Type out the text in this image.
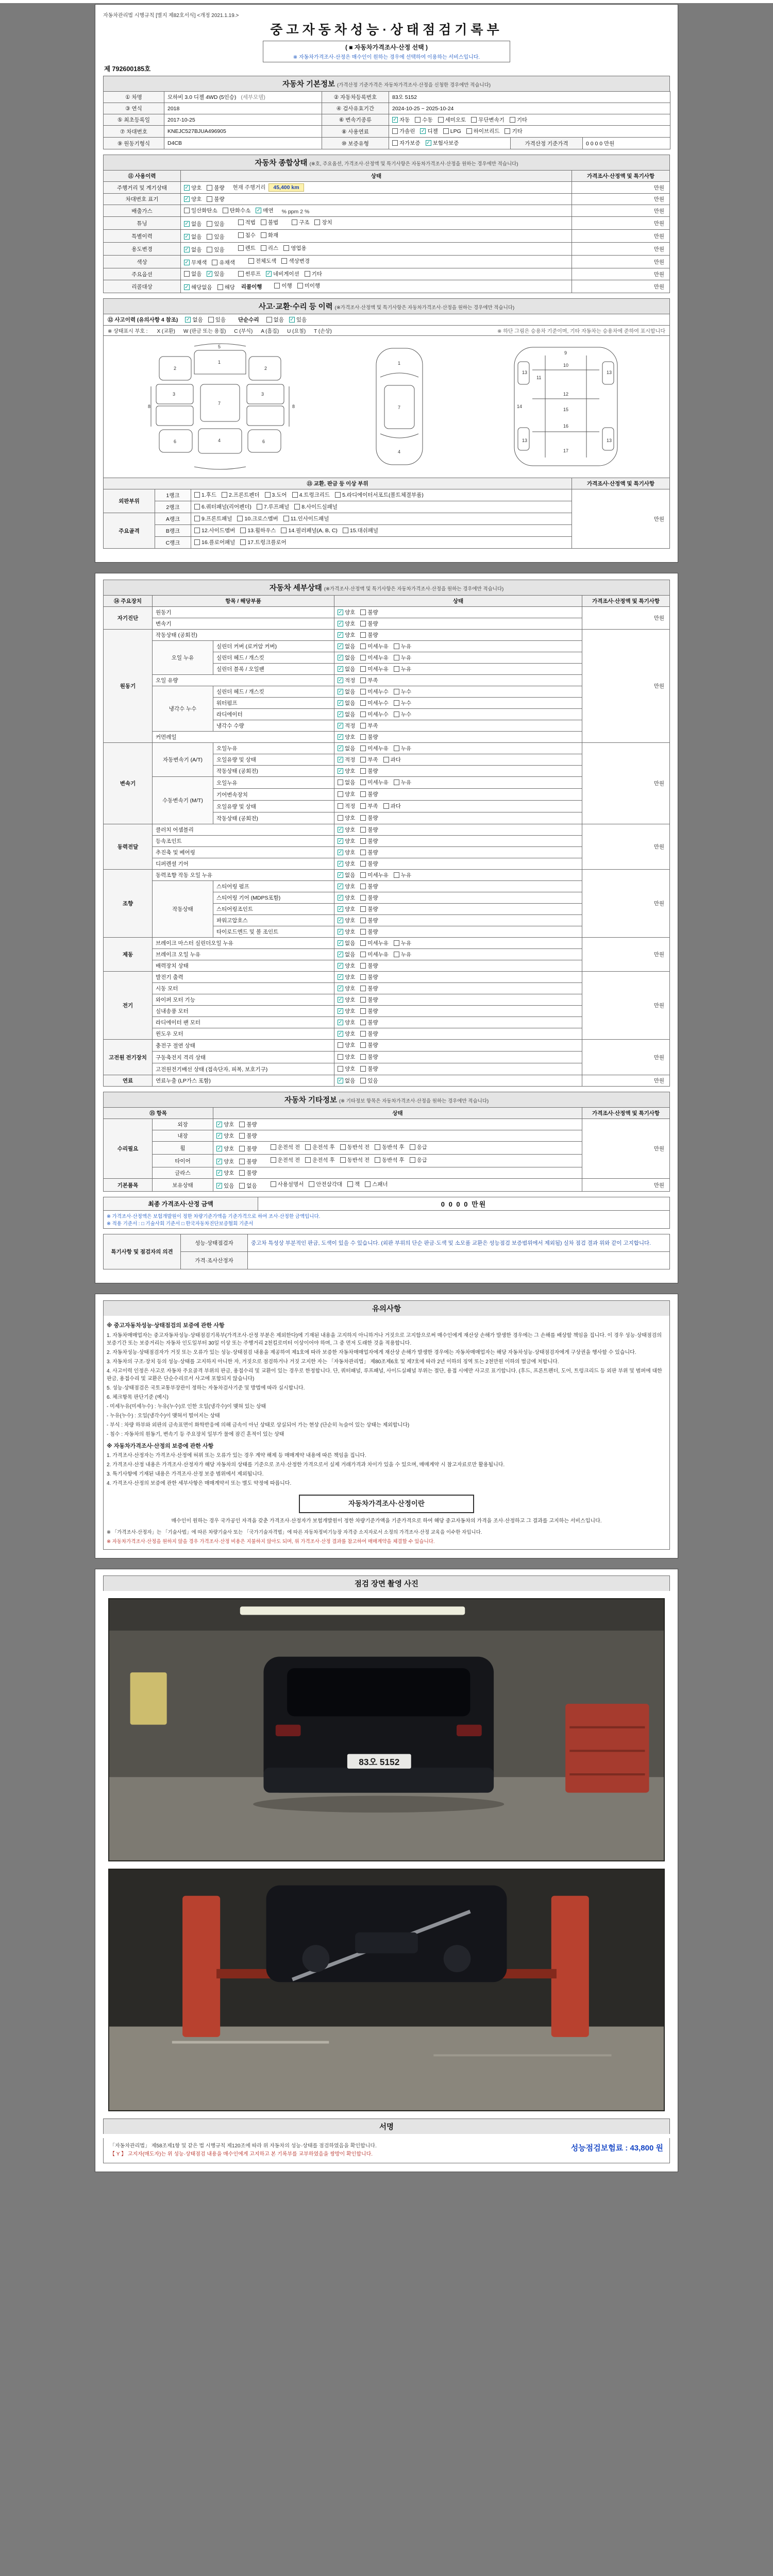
자동차관리법 시행규칙 [별지 제82호서식] <개정 2021.1.19.>
중고자동차성능·상태점검기록부
( ■ 자동차가격조사·산정 선택 )
※ 자동차가격조사·산정은 매수인이 원하는 경우에 선택하여 이용하는 서비스입니다.
제 792600185호
자동차 기본정보 (가격산정 기준가격은 자동차가격조사·산정을 신청한 경우에만 적습니다)
① 차명	모하비 3.0 디젤 4WD (5인승) (세부모델)	② 자동차등록번호	83오 5152		
③ 연식	2018	④ 검사유효기간	2024-10-25 ~ 2025-10-24		
⑤ 최초등록일	2017-10-25	⑥ 변속기종류	✓ 자동 수동 세미오토 무단변속기 기타

⑦ 차대번호	KNEJC527BJUA496905	⑧ 사용연료	가솔린 ✓ 디젤 LPG 하이브리드 기타

⑨ 원동기형식	D4CB	⑩ 보증유형	자가보증 ✓ 보험사보증	가격산정 기준가격	0 0 0 0 만원
자동차 종합상태 (※호, 주요옵션, 가격조사·산정액 및 특기사항은 자동차가격조사·산정을 원하는 경우에만 적습니다)
⑪ 사용이력	상태	가격조사·산정액 및 특기사항
주행거리 및 계기상태	✓ 양호 불량 현재 주행거리 45,400 km	만원
차대번호 표기	✓ 양호 불량	만원
배출가스	일산화탄소 탄화수소 ✓ 매연 % ppm 2 %	만원
튜닝	✓ 없음 있음	적법 불법	구조 장치	만원
특별이력	✓ 없음 있음 침수 화재	만원
용도변경	✓ 없음 있음	렌트 리스 영업용	만원
색상	✓ 무채색 유채색 전체도색 색상변경	만원
주요옵션	없음 ✓ 있음	썬루프 ✓ 네비게이션 기타	만원
리콜대상	✓ 해당없음 해당 리콜이행	이행 미이행	만원
사고·교환·수리 등 이력 (※가격조사·산정액 및 특기사항은 자동차가격조사·산정을 원하는 경우에만 적습니다)
⑫ 사고이력 (유의사항 4 참조) ✓ 없음 있음 단순수리	없음 ✓ 있음
※ 상태표시 부호 : X (교환) W (판금 또는 용접) C (부식) A (흠집) U (요철) T (손상)	※ 하단 그림은 승용차 기준이며, 기타 자동차는 승용차에 준하여 표시합니다
1
2	2
3	3
4
5
6	6
7
8	8
1
7
4
9
10
11
12
13	13
13	13
14
15
16
17
⑬ 교환, 판금 등 이상 부위			가격조사·산정액 및 특기사항
외판부위	1랭크	1.후드 2.프론트펜더 3.도어 4.트렁크리드 5.라디에이터서포트(볼트체결부품)	만원
	2랭크	6.쿼터패널(리어펜더) 7.루프패널 8.사이드실패널	

주요골격	A랭크	9.프론트패널 10.크로스멤버 11.인사이드패널	

	B랭크	12.사이드멤버 13.휠하우스 14.필러패널(A, B, C) 15.대쉬패널	

	C랭크	16.플로어패널 17.트렁크플로어	
자동차 세부상태 (※가격조사·산정액 및 특기사항은 자동차가격조사·산정을 원하는 경우에만 적습니다)
⑭ 주요장치	항목 / 해당부품		상태	가격조사·산정액 및 특기사항
자기진단	원동기		✓ 양호 불량	만원
	변속기		✓ 양호 불량	

원동기	작동상태 (공회전)		✓ 양호 불량	만원
	오일 누유	실린더 커버 (로커암 커버)	✓ 없음 미세누유 누유	

		실린더 헤드 / 개스킷	✓ 없음 미세누유 누유	

		실린더 블록 / 오일팬	✓ 없음 미세누유 누유	

	오일 유량		✓ 적정 부족	

	냉각수 누수	실린더 헤드 / 개스킷	✓ 없음 미세누수 누수	

		워터펌프	✓ 없음 미세누수 누수	

		라디에이터	✓ 없음 미세누수 누수	

		냉각수 수량	✓ 적정 부족	

	커먼레일		✓ 양호 불량	

변속기	자동변속기 (A/T)	오일누유	✓ 없음 미세누유 누유	만원
		오일유량 및 상태	✓ 적정 부족 과다	

		작동상태 (공회전)	✓ 양호 불량	

	수동변속기 (M/T)	오일누유	없음 미세누유 누유	

		기어변속장치	양호 불량	

		오일유량 및 상태	적정 부족 과다	

		작동상태 (공회전)	양호 불량	

동력전달	클러치 어셈블리		✓ 양호 불량	만원
	등속조인트		✓ 양호 불량	

	추진축 및 베어링		✓ 양호 불량	

	디퍼렌셜 기어		✓ 양호 불량	

조향	동력조향 작동 오일 누유		✓ 없음 미세누유 누유	만원
	작동상태	스티어링 펌프	✓ 양호 불량	

		스티어링 기어 (MDPS포함)	✓ 양호 불량	

		스티어링조인트	✓ 양호 불량	

		파워고압호스	✓ 양호 불량	

		타이로드엔드 및 볼 조인트	✓ 양호 불량	

제동	브레이크 마스터 실린더오일 누유		✓ 없음 미세누유 누유	만원
	브레이크 오일 누유		✓ 없음 미세누유 누유	

	배력장치 상태		✓ 양호 불량	

전기	발전기 출력		✓ 양호 불량	만원
	시동 모터		✓ 양호 불량	

	와이퍼 모터 기능		✓ 양호 불량	

	실내송풍 모터		✓ 양호 불량	

	라디에이터 팬 모터		✓ 양호 불량	

	윈도우 모터		✓ 양호 불량	

고전원 전기장치	충전구 절연 상태		양호 불량	만원
	구동축전지 격리 상태		양호 불량	

	고전원전기배선 상태 (접속단자, 피복, 보호기구)		양호 불량	

연료	연료누출 (LP가스 포함)		✓ 없음 있음	만원
자동차 기타정보 (※ 기타정보 항목은 자동차가격조사·산정을 원하는 경우에만 적습니다)
⑮ 항목		상태	가격조사·산정액 및 특기사항
수리필요	외장	✓ 양호 불량	만원
	내장	✓ 양호 불량	

휠	✓ 양호 불량	운전석 전 운전석 후 동반석 전 동반석 후 응급

타이어	✓ 양호 불량	운전석 전 운전석 후 동반석 전 동반석 후 응급

	글라스	✓ 양호 불량	

기본품목	보유상태	✓ 있음 없음	사용설명서 안전삼각대 잭 스패너	만원
최종 가격조사·산정 금액	0 0 0 0 만원

※ 가격조사·산정액은 보험개발원이 정한 차량기준가액을 기준가격으로 하여 조사·산정한 금액입니다.
※ 적용 기준서 : □ 기술사회 기준서 □ 한국자동차진단보증협회 기준서
특기사항 및 점검자의 의견	성능·상태점검자	중고차 특성상 부분적인 판금, 도색이 있을 수 있습니다. (외판 부위의 단순 판금·도색 및 소모품 교환은 성능점검 보증범위에서 제외됨) 실차 점검 결과 위와 같이 고지합니다.
	가격·조사산정자	
유의사항
※ 중고자동차성능·상태점검의 보증에 관한 사항
1. 자동차매매업자는 중고자동차성능·상태점검기록부(가격조사·산정 부분은 제외한다)에 기재된 내용을 고지하지 아니하거나 거짓으로 고지함으로써 매수인에게 재산상 손해가 발생한 경우에는 그 손해를 배상할 책임을 집니다. 이 경우 성능·상태점검의 보증기간 또는 보증거리는 자동차 인도일부터 30일 이상 또는 주행거리 2천킬로미터 이상이어야 하며, 그 중 먼저 도래한 것을 적용합니다.
2. 자동차성능·상태점검자가 거짓 또는 오류가 있는 성능·상태점검 내용을 제공하여 제1호에 따라 보증한 자동차매매업자에게 재산상 손해가 발생한 경우에는 자동차매매업자는 해당 자동차성능·상태점검자에게 구상권을 행사할 수 있습니다.
3. 자동차의 구조·장치 등의 성능·상태를 고지하지 아니한 자, 거짓으로 점검하거나 거짓 고지한 자는 「자동차관리법」 제80조제6호 및 제7호에 따라 2년 이하의 징역 또는 2천만원 이하의 벌금에 처합니다.
4. 사고이력 인정은 사고로 자동차 주요골격 부위의 판금, 용접수리 및 교환이 있는 경우로 한정합니다. 단, 쿼터패널, 루프패널, 사이드실패널 부위는 절단, 용접 시에만 사고로 표기합니다. (후드, 프론트펜더, 도어, 트렁크리드 등 외판 부위 및 범퍼에 대한 판금, 용접수리 및 교환은 단순수리로서 사고에 포함되지 않습니다)
5. 성능·상태점검은 국토교통부장관이 정하는 자동차검사기준 및 방법에 따라 실시합니다.
6. 체크항목 판단기준 (예시)
- 미세누유(미세누수) : 누유(누수)로 인한 오일(냉각수)이 맺혀 있는 상태
- 누유(누수) : 오일(냉각수)이 맺혀서 떨어지는 상태
- 부식 : 차량 하부와 외판의 금속표면이 화학반응에 의해 금속이 아닌 상태로 상실되어 가는 현상 (단순히 녹슬어 있는 상태는 제외합니다)
- 침수 : 자동차의 원동기, 변속기 등 주요장치 일부가 물에 잠긴 흔적이 있는 상태
※ 자동차가격조사·산정의 보증에 관한 사항
1. 가격조사·산정자는 가격조사·산정에 허위 또는 오류가 있는 경우 계약 해제 등 매매계약 내용에 따른 책임을 집니다.
2. 가격조사·산정 내용은 가격조사·산정자가 해당 자동차의 상태를 기준으로 조사·산정한 가격으로서 실제 거래가격과 차이가 있을 수 있으며, 매매계약 시 참고자료로만 활용됩니다.
3. 특기사항에 기재된 내용은 가격조사·산정 보증 범위에서 제외됩니다.
4. 가격조사·산정의 보증에 관한 세부사항은 매매계약서 또는 별도 약정에 따릅니다.
자동차가격조사·산정이란
매수인이 원하는 경우 국가공인 자격을 갖춘 가격조사·산정자가 보험개발원이 정한 차량기준가액을 기준가격으로 하여 해당 중고자동차의 가격을 조사·산정하고 그 결과를 고지하는 서비스입니다.
※ 「가격조사·산정자」는 「기술사법」에 따른 차량기술사 또는 「국가기술자격법」에 따른 자동차정비기능장 자격증 소지자로서 소정의 가격조사·산정 교육을 이수한 자입니다.
※ 자동차가격조사·산정을 원하지 않을 경우 가격조사·산정 비용은 지불하지 않아도 되며, 위 가격조사·산정 결과를 참고하여 매매계약을 체결할 수 있습니다.
점검 장면 촬영 사진
83오 5152
서명
「자동차관리법」 제58조제1항 및 같은 법 시행규칙 제120조에 따라 위 자동차의 성능·상태를 점검하였음을 확인합니다.
【 Y 】 고지자(매도자)는 위 성능·상태점검 내용을 매수인에게 고지하고 본 기록부를 교부하였음을 쌍방이 확인합니다.
성능점검보험료 : 43,800 원
